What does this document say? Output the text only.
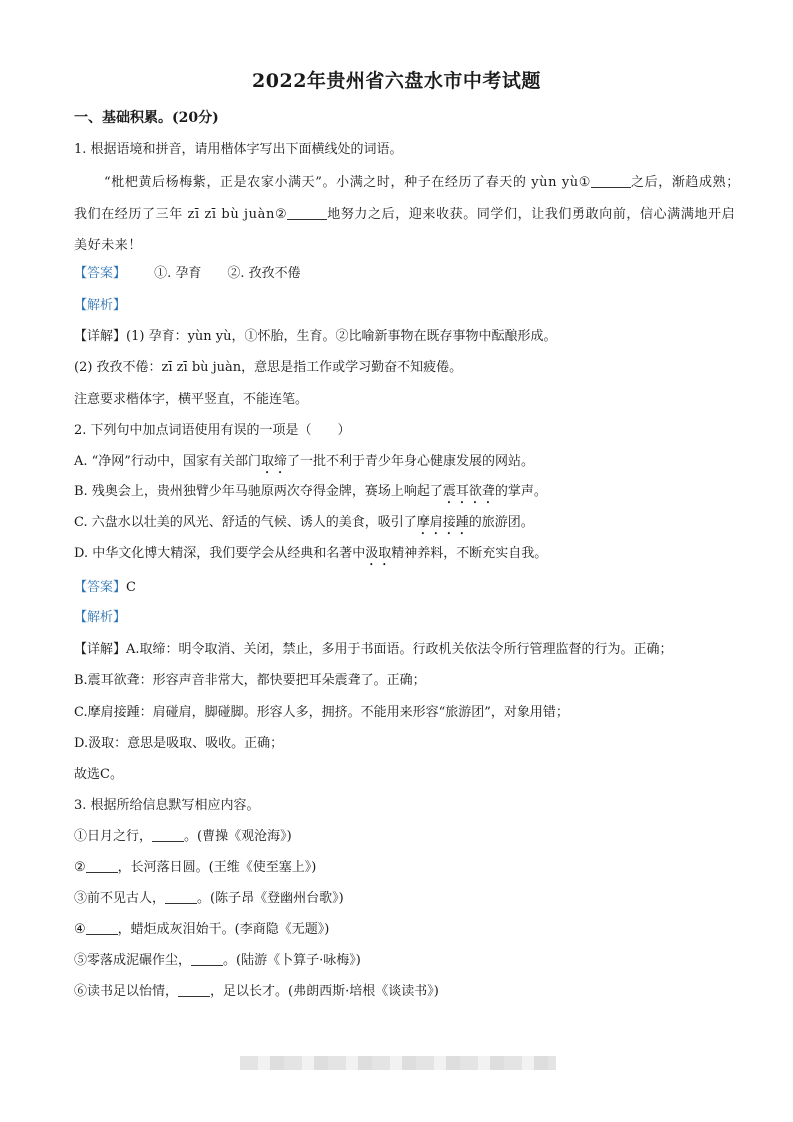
2022年贵州省六盘水市中考试题
一、基础积累。(20分)
1. 根据语境和拼音，请用楷体字写出下面横线处的词语。
“枇杷黄后杨梅紫，正是农家小满天”。小满之时，种子在经历了春天的 yùn yù①	之后，渐趋成熟；
我们在经历了三年 zī zī bù juàn②	地努力之后，迎来收获。同学们，让我们勇敢向前，信心满满地开启
美好未来！
【答案】 ①. 孕育　　②. 孜孜不倦
【解析】
【详解】(1) 孕育：yùn yù，①怀胎，生育。②比喻新事物在既存事物中酝酿形成。
(2) 孜孜不倦：zī zī bù juàn，意思是指工作或学习勤奋不知疲倦。
注意要求楷体字，横平竖直，不能连笔。
2. 下列句中加点词语使用有误的一项是（　　）
A. “净网”行动中，国家有关部门取缔了一批不利于青少年身心健康发展的网站。
B. 残奥会上，贵州独臂少年马驰原两次夺得金牌，赛场上响起了震耳欲聋的掌声。
C. 六盘水以壮美的风光、舒适的气候、诱人的美食，吸引了摩肩接踵的旅游团。
D. 中华文化博大精深，我们要学会从经典和名著中汲取精神养料，不断充实自我。
【答案】C
【解析】
【详解】A.取缔：明令取消、关闭，禁止，多用于书面语。行政机关依法令所行管理监督的行为。正确；
B.震耳欲聋：形容声音非常大，都快要把耳朵震聋了。正确；
C.摩肩接踵：肩碰肩，脚碰脚。形容人多，拥挤。不能用来形容“旅游团”，对象用错；
D.汲取：意思是吸取、吸收。正确；
故选C。
3. 根据所给信息默写相应内容。
①日月之行， 。(曹操《观沧海》)
② ，长河落日圆。(王维《使至塞上》)
③前不见古人， 。(陈子昂《登幽州台歌》)
④ ，蜡炬成灰泪始干。(李商隐《无题》)
⑤零落成泥碾作尘， 。(陆游《卜算子·咏梅》)
⑥读书足以怡情， ，足以长才。(弗朗西斯·培根《谈读书》)
